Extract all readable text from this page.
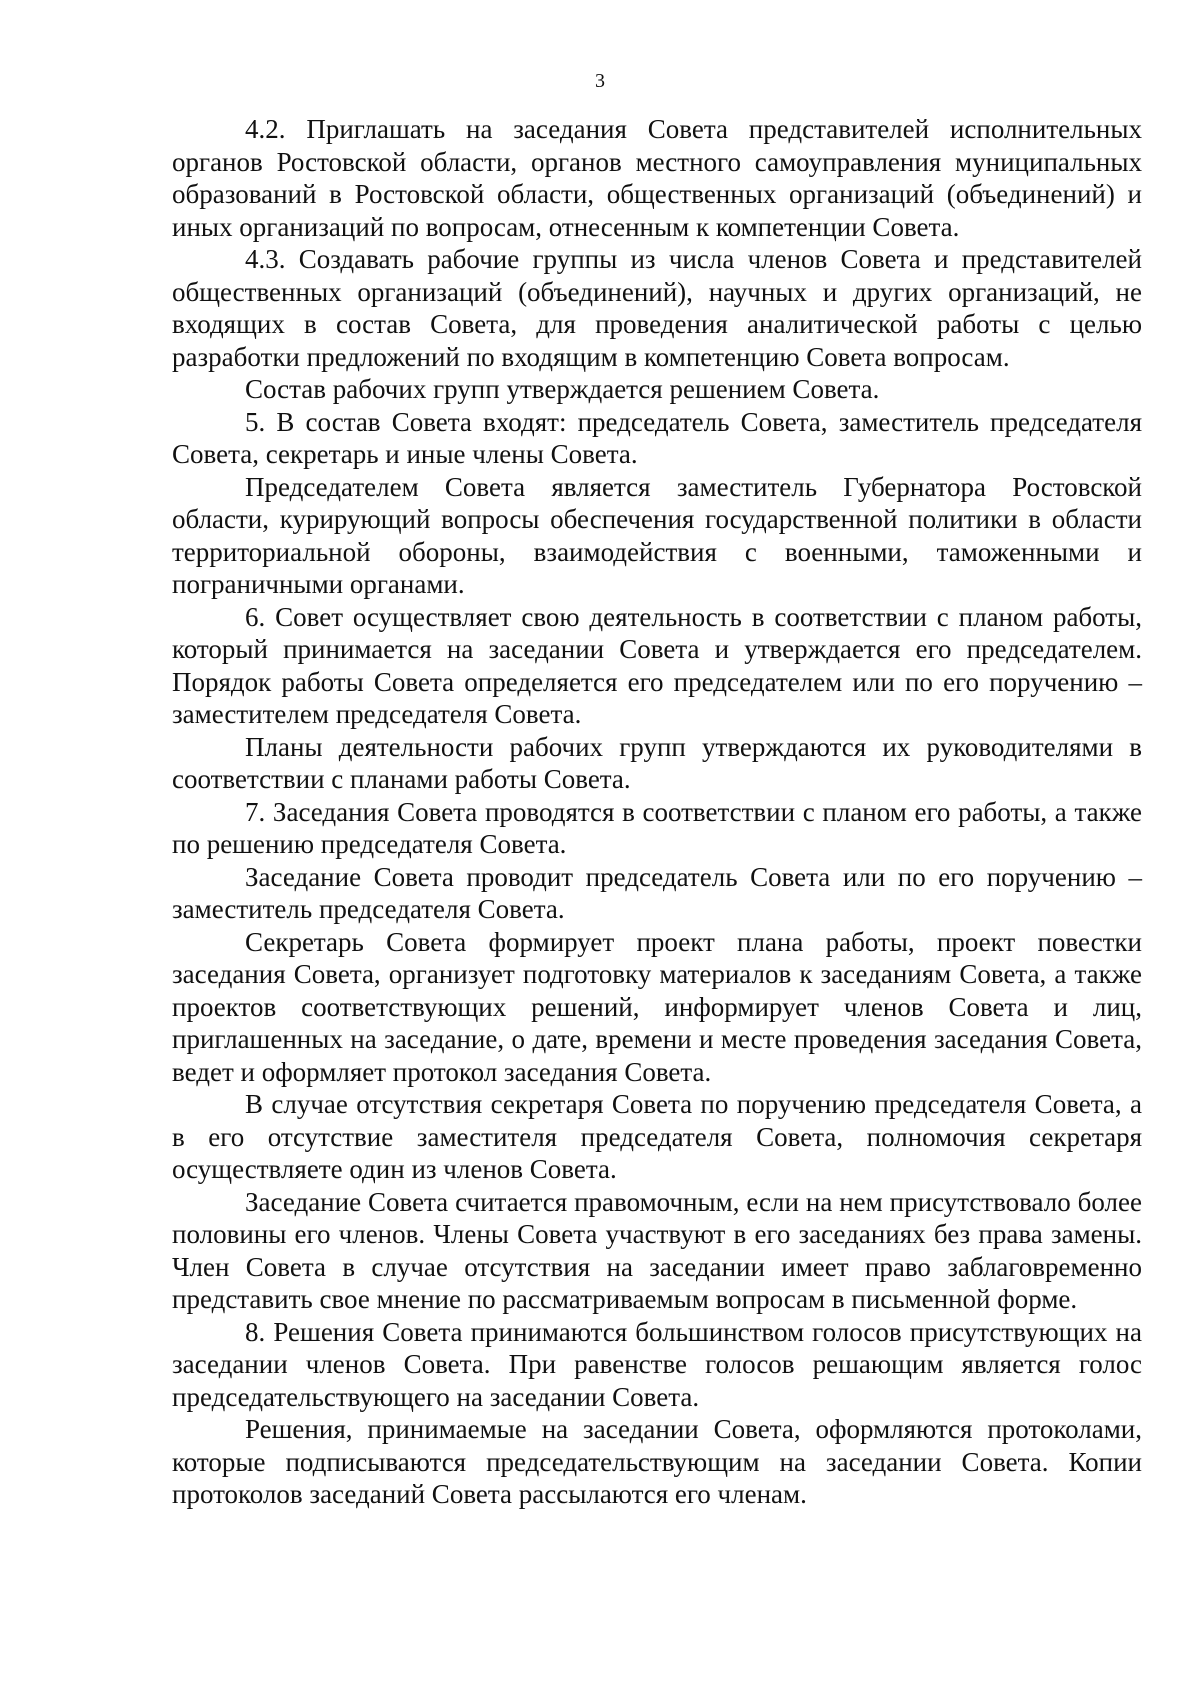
3

4.2. Приглашать на заседания Совета представителей исполнительных органов Ростовской области, органов местного самоуправления муниципальных образований в Ростовской области, общественных организаций (объединений) и иных организаций по вопросам, отнесенным к компетенции Совета.

4.3. Создавать рабочие группы из числа членов Совета и представителей общественных организаций (объединений), научных и других организаций, не входящих в состав Совета, для проведения аналитической работы с целью разработки предложений по входящим в компетенцию Совета вопросам.

Состав рабочих групп утверждается решением Совета.

5. В состав Совета входят: председатель Совета, заместитель председателя Совета, секретарь и иные члены Совета.

Председателем Совета является заместитель Губернатора Ростовской области, курирующий вопросы обеспечения государственной политики в области территориальной обороны, взаимодействия с военными, таможенными и пограничными органами.

6. Совет осуществляет свою деятельность в соответствии с планом работы, который принимается на заседании Совета и утверждается его председателем. Порядок работы Совета определяется его председателем или по его поручению – заместителем председателя Совета.

Планы деятельности рабочих групп утверждаются их руководителями в соответствии с планами работы Совета.

7. Заседания Совета проводятся в соответствии с планом его работы, а также по решению председателя Совета.

Заседание Совета проводит председатель Совета или по его поручению – заместитель председателя Совета.

Секретарь Совета формирует проект плана работы, проект повестки заседания Совета, организует подготовку материалов к заседаниям Совета, а также проектов соответствующих решений, информирует членов Совета и лиц, приглашенных на заседание, о дате, времени и месте проведения заседания Совета, ведет и оформляет протокол заседания Совета.

В случае отсутствия секретаря Совета по поручению председателя Совета, а в его отсутствие заместителя председателя Совета, полномочия секретаря осуществляете один из членов Совета.

Заседание Совета считается правомочным, если на нем присутствовало более половины его членов. Члены Совета участвуют в его заседаниях без права замены. Член Совета в случае отсутствия на заседании имеет право заблаговременно представить свое мнение по рассматриваемым вопросам в письменной форме.

8. Решения Совета принимаются большинством голосов присутствующих на заседании членов Совета. При равенстве голосов решающим является голос председательствующего на заседании Совета.

Решения, принимаемые на заседании Совета, оформляются протоколами, которые подписываются председательствующим на заседании Совета. Копии протоколов заседаний Совета рассылаются его членам.
